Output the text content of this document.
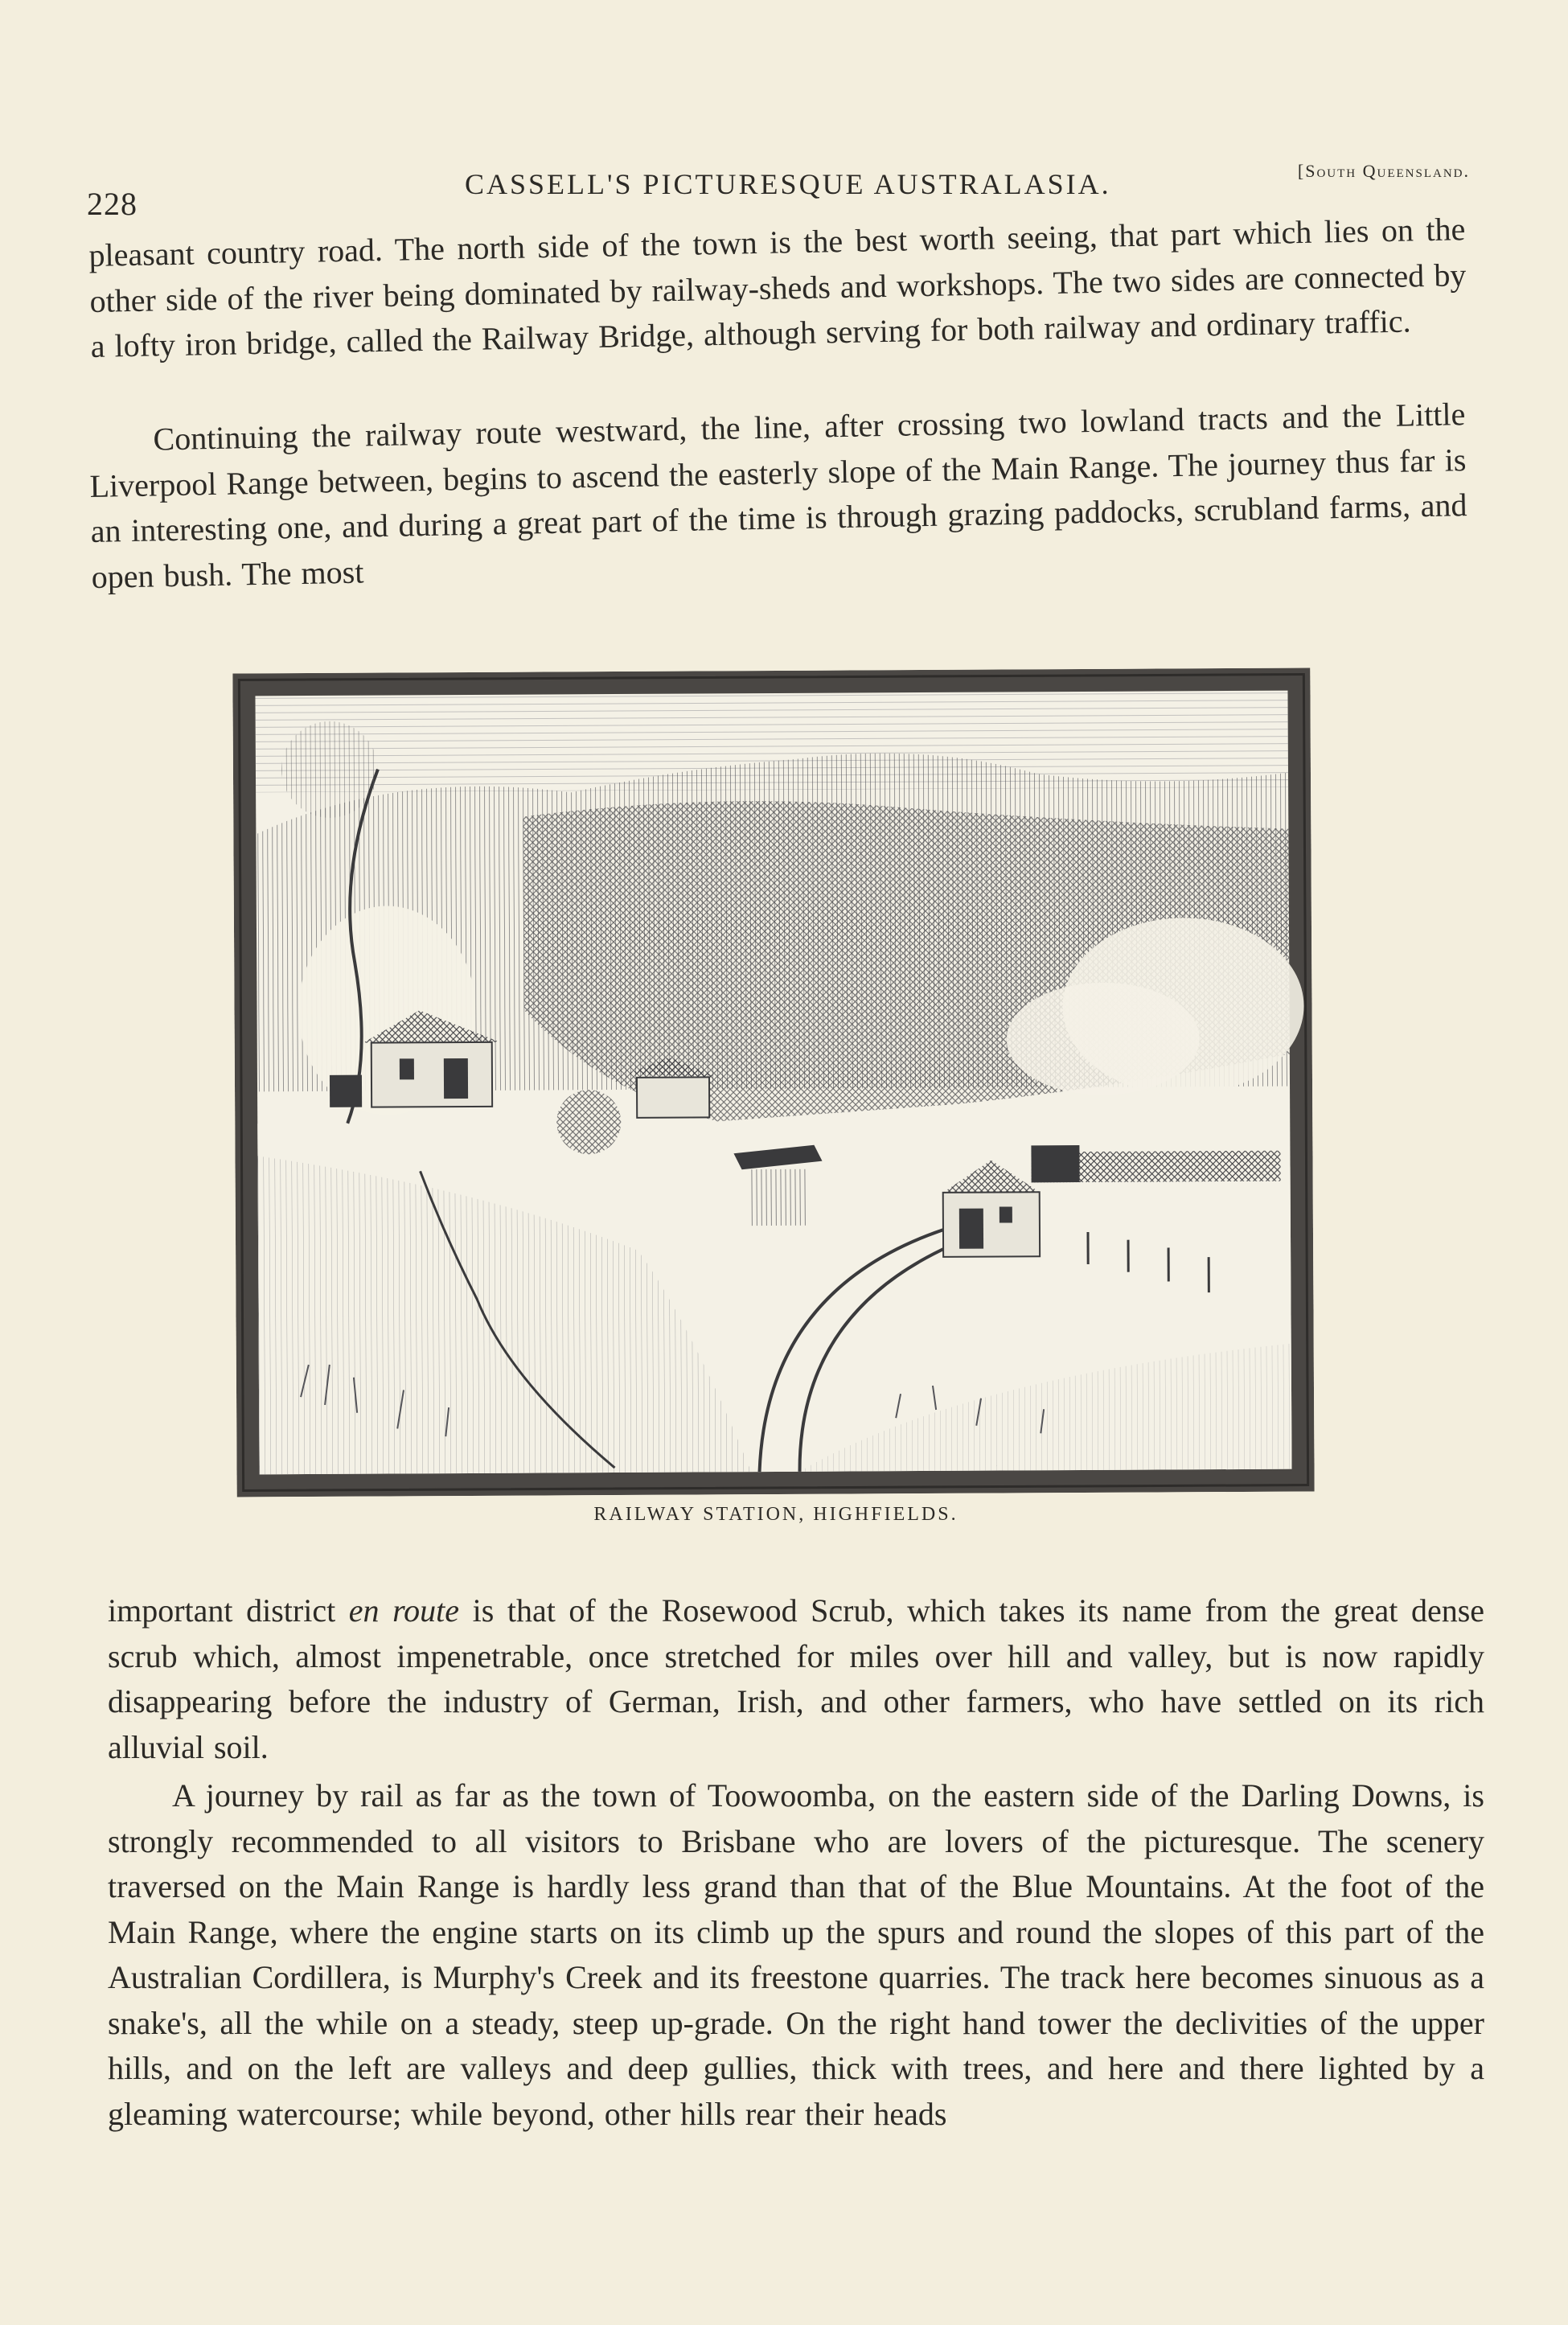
228
CASSELL'S PICTURESQUE AUSTRALASIA.	[South Queensland.

pleasant country road. The north side of the town is the best worth seeing, that part which lies on the other side of the river being dominated by railway-sheds and workshops. The two sides are connected by a lofty iron bridge, called the Railway Bridge, although serving for both railway and ordinary traffic.

Continuing the railway route westward, the line, after crossing two lowland tracts and the Little Liverpool Range between, begins to ascend the easterly slope of the Main Range. The journey thus far is an interesting one, and during a great part of the time is through grazing paddocks, scrubland farms, and open bush. The most

RAILWAY STATION, HIGHFIELDS.

important district en route is that of the Rosewood Scrub, which takes its name from the great dense scrub which, almost impenetrable, once stretched for miles over hill and valley, but is now rapidly disappearing before the industry of German, Irish, and other farmers, who have settled on its rich alluvial soil.

A journey by rail as far as the town of Toowoomba, on the eastern side of the Darling Downs, is strongly recommended to all visitors to Brisbane who are lovers of the picturesque. The scenery traversed on the Main Range is hardly less grand than that of the Blue Mountains. At the foot of the Main Range, where the engine starts on its climb up the spurs and round the slopes of this part of the Australian Cordillera, is Murphy's Creek and its freestone quarries. The track here becomes sinuous as a snake's, all the while on a steady, steep up-grade. On the right hand tower the declivities of the upper hills, and on the left are valleys and deep gullies, thick with trees, and here and there lighted by a gleaming watercourse; while beyond, other hills rear their heads
